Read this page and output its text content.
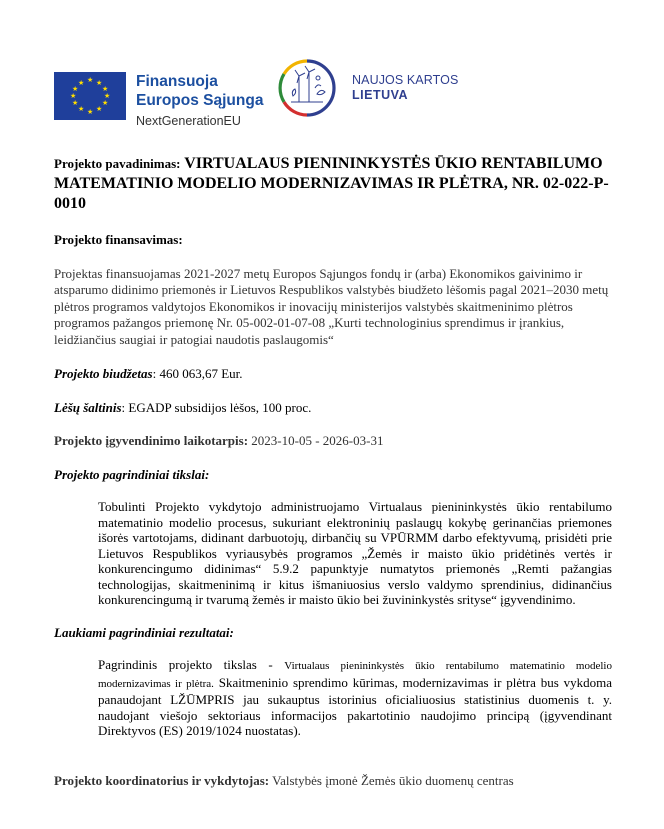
★ ★
★
★
★
★
★
★
★
★
★
★	Finansuoja
Europos Sąjunga
NextGenerationEU
NAUJOS KARTOS
LIETUVA

Projekto pavadinimas: VIRTUALAUS PIENININKYSTĖS ŪKIO RENTABILUMO MATEMATINIO MODELIO MODERNIZAVIMAS IR PLĖTRA, NR. 02-022-P-0010

Projekto finansavimas:

Projektas finansuojamas 2021-2027 metų Europos Sąjungos fondų ir (arba) Ekonomikos gaivinimo ir atsparumo didinimo priemonės ir Lietuvos Respublikos valstybės biudžeto lėšomis pagal 2021–2030 metų plėtros programos valdytojos Ekonomikos ir inovacijų ministerijos valstybės skaitmeninimo plėtros programos pažangos priemonę Nr. 05-002-01-07-08 „Kurti technologinius sprendimus ir įrankius, leidžiančius saugiai ir patogiai naudotis paslaugomis“

Projekto biudžetas: 460 063,67 Eur.

Lėšų šaltinis: EGADP subsidijos lėšos, 100 proc.

Projekto įgyvendinimo laikotarpis: 2023-10-05 - 2026-03-31

Projekto pagrindiniai tikslai:

Tobulinti Projekto vykdytojo administruojamo Virtualaus pienininkystės ūkio rentabilumo matematinio modelio procesus, sukuriant elektroninių paslaugų kokybę gerinančias priemones išorės vartotojams, didinant darbuotojų, dirbančių su VPŪRMM darbo efektyvumą, prisidėti prie Lietuvos Respublikos vyriausybės programos „Žemės ir maisto ūkio pridėtinės vertės ir konkurencingumo didinimas“ 5.9.2 papunktyje numatytos priemonės „Remti pažangias technologijas, skaitmeninimą ir kitus išmaniuosius verslo valdymo sprendinius, didinančius konkurencingumą ir tvarumą žemės ir maisto ūkio bei žuvininkystės srityse“ įgyvendinimo.

Laukiami pagrindiniai rezultatai:

Pagrindinis projekto tikslas - Virtualaus pienininkystės ūkio rentabilumo matematinio modelio modernizavimas ir plėtra. Skaitmeninio sprendimo kūrimas, modernizavimas ir plėtra bus vykdoma panaudojant LŽŪMPRIS jau sukauptus istorinius oficialiuosius statistinius duomenis t. y. naudojant viešojo sektoriaus informacijos pakartotinio naudojimo principą (įgyvendinant Direktyvos (ES) 2019/1024 nuostatas).

Projekto koordinatorius ir vykdytojas: Valstybės įmonė Žemės ūkio duomenų centras
